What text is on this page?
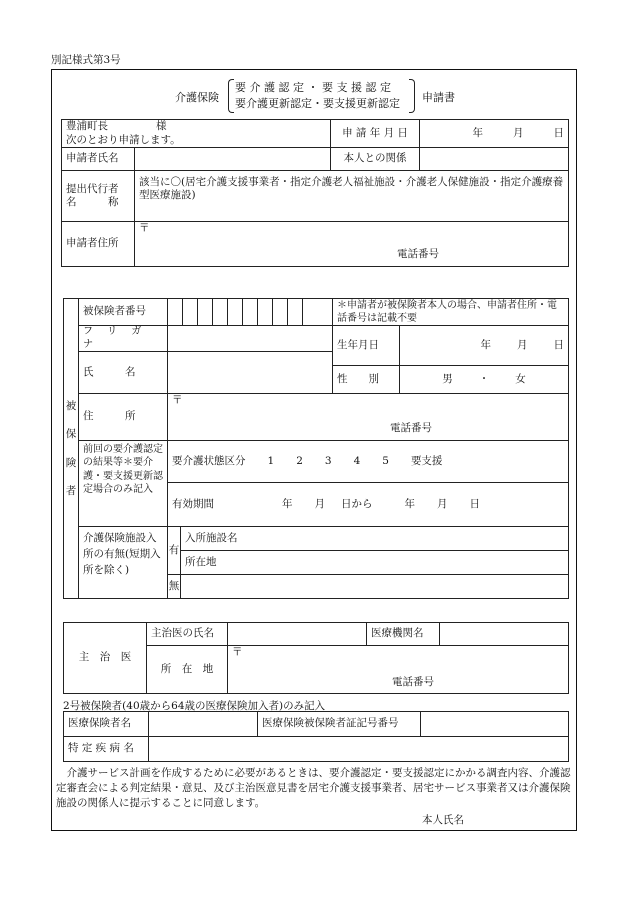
別記様式第3号
介護保険
要 介 護 認 定 ・ 要 支 援 認 定
要介護更新認定・要支援更新認定 申請書
豊浦町長 様
次のとおり申請します。		申 請 年 月 日	年 月 日
申請者氏名		本人との関係	
提出代行者
名　　　称	該当に〇(居宅介護支援事業者・指定介護老人福祉施設・介護老人保健施設・指定介護療養型医療施設)		
申請者住所	〒
電話番号		
被
保
険
者	被保険者番号			＊申請者が被保険者本人の場合、申請者住所・電話番号は記載不要	
	フ リ ガ ナ			生年月日	年 月 日
	氏　　　名				
				性　　別	男 ・ 女
	住　　　所	〒
電話番号			

	前回の要介護認定の結果等＊要介護・要支援更新認定場合のみ記入	要介護状態区分 1 2 3 4 5 要支援			
		有効期間 年 月 日から 年 月 日			
	介護保険施設入所の有無(短期入所を除く)	有	入所施設名		
			所在地		
		無			
主　治　医	主治医の氏名		医療機関名	
	所　在　地	〒
電話番号		
2号被保険者(40歳から64歳の医療保険加入者)のみ記入
医療保険者名		医療保険被保険者証記号番号	
特 定 疾 病 名			
介護サービス計画を作成するために必要があるときは、要介護認定・要支援認定にかかる調査内容、介護認定審査会による判定結果・意見、及び主治医意見書を居宅介護支援事業者、居宅サービス事業者又は介護保険施設の関係人に提示することに同意します。
本人氏名
